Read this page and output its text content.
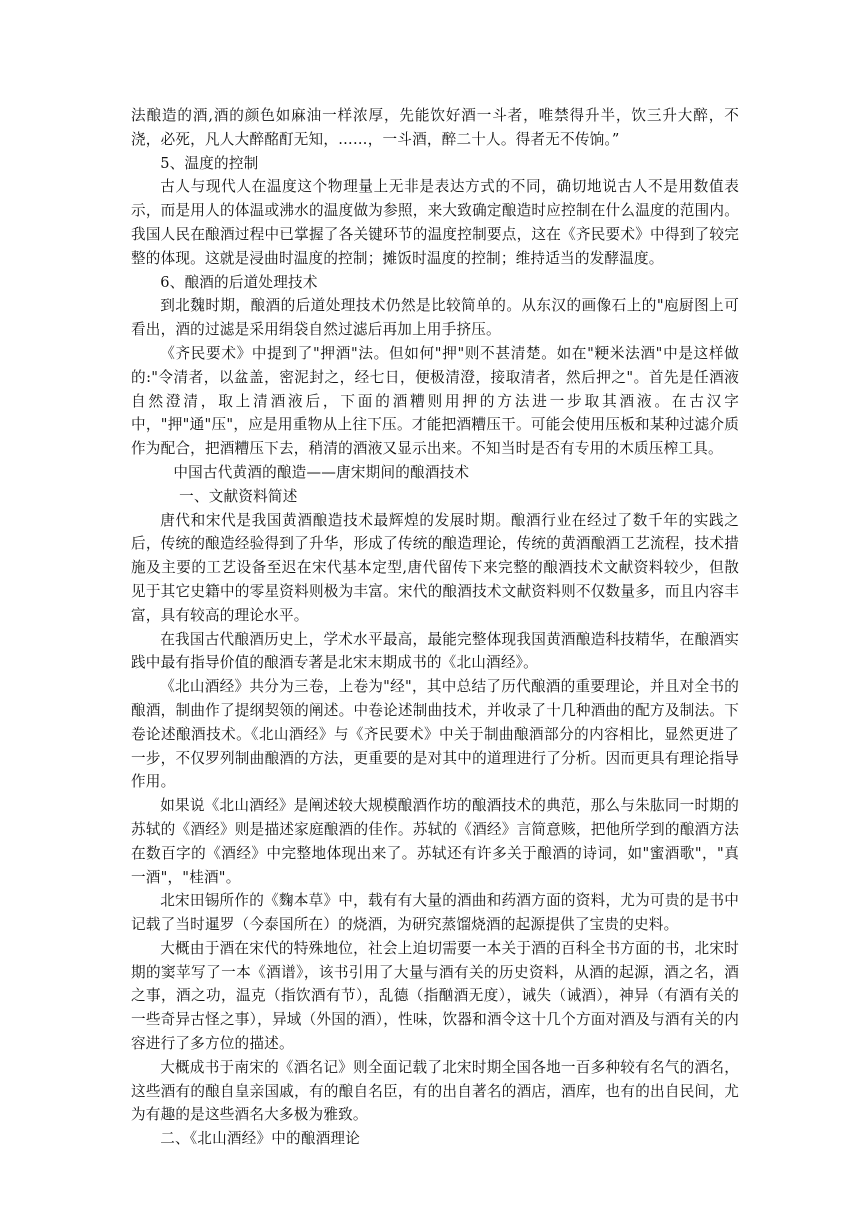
法酿造的酒,酒的颜色如麻油一样浓厚，先能饮好酒一斗者，唯禁得升半，饮三升大醉，不浇，必死，凡人大醉酩酊无知，……，一斗酒，醉二十人。得者无不传饷。”

5、温度的控制

古人与现代人在温度这个物理量上无非是表达方式的不同，确切地说古人不是用数值表示，而是用人的体温或沸水的温度做为参照，来大致确定酿造时应控制在什么温度的范围内。我国人民在酿酒过程中已掌握了各关键环节的温度控制要点，这在《齐民要术》中得到了较完整的体现。这就是浸曲时温度的控制；摊饭时温度的控制；维持适当的发酵温度。

6、酿酒的后道处理技术

到北魏时期，酿酒的后道处理技术仍然是比较简单的。从东汉的画像石上的"庖厨图上可看出，酒的过滤是采用绢袋自然过滤后再加上用手挤压。

《齐民要术》中提到了"押酒"法。但如何"押"则不甚清楚。如在"粳米法酒"中是这样做的:"令清者，以盆盖，密泥封之，经七日，便极清澄，接取清者，然后押之"。首先是任酒液自然澄清，取上清酒液后，下面的酒糟则用押的方法进一步取其酒液。在古汉字中，"押"通"压"，应是用重物从上往下压。才能把酒糟压干。可能会使用压板和某种过滤介质作为配合，把酒糟压下去，稍清的酒液又显示出来。不知当时是否有专用的木质压榨工具。

中国古代黄酒的酿造——唐宋期间的酿酒技术

一、文献资料简述

唐代和宋代是我国黄酒酿造技术最辉煌的发展时期。酿酒行业在经过了数千年的实践之后，传统的酿造经验得到了升华，形成了传统的酿造理论，传统的黄酒酿酒工艺流程，技术措施及主要的工艺设备至迟在宋代基本定型,唐代留传下来完整的酿酒技术文献资料较少，但散见于其它史籍中的零星资料则极为丰富。宋代的酿酒技术文献资料则不仅数量多，而且内容丰富，具有较高的理论水平。

在我国古代酿酒历史上，学术水平最高，最能完整体现我国黄酒酿造科技精华，在酿酒实践中最有指导价值的酿酒专著是北宋末期成书的《北山酒经》。

《北山酒经》共分为三卷，上卷为"经"，其中总结了历代酿酒的重要理论，并且对全书的酿酒，制曲作了提纲契领的阐述。中卷论述制曲技术，并收录了十几种酒曲的配方及制法。下卷论述酿酒技术。《北山酒经》与《齐民要术》中关于制曲酿酒部分的内容相比，显然更进了一步，不仅罗列制曲酿酒的方法，更重要的是对其中的道理进行了分析。因而更具有理论指导作用。

如果说《北山酒经》是阐述较大规模酿酒作坊的酿酒技术的典范，那么与朱肱同一时期的苏轼的《酒经》则是描述家庭酿酒的佳作。苏轼的《酒经》言简意赅，把他所学到的酿酒方法在数百字的《酒经》中完整地体现出来了。苏轼还有许多关于酿酒的诗词，如"蜜酒歌"，"真一酒"，"桂酒"。

北宋田锡所作的《麴本草》中，载有有大量的酒曲和药酒方面的资料，尤为可贵的是书中记载了当时暹罗（今泰国所在）的烧酒，为研究蒸馏烧酒的起源提供了宝贵的史料。

大概由于酒在宋代的特殊地位，社会上迫切需要一本关于酒的百科全书方面的书，北宋时期的窦苹写了一本《酒谱》，该书引用了大量与酒有关的历史资料，从酒的起源，酒之名，酒之事，酒之功，温克（指饮酒有节），乱德（指酗酒无度），诫失（诫酒），神异（有酒有关的一些奇异古怪之事），异域（外国的酒），性味，饮器和酒令这十几个方面对酒及与酒有关的内容进行了多方位的描述。

大概成书于南宋的《酒名记》则全面记载了北宋时期全国各地一百多种较有名气的酒名，这些酒有的酿自皇亲国戚，有的酿自名臣，有的出自著名的酒店，酒库，也有的出自民间，尤为有趣的是这些酒名大多极为雅致。

二、《北山酒经》中的酿酒理论
